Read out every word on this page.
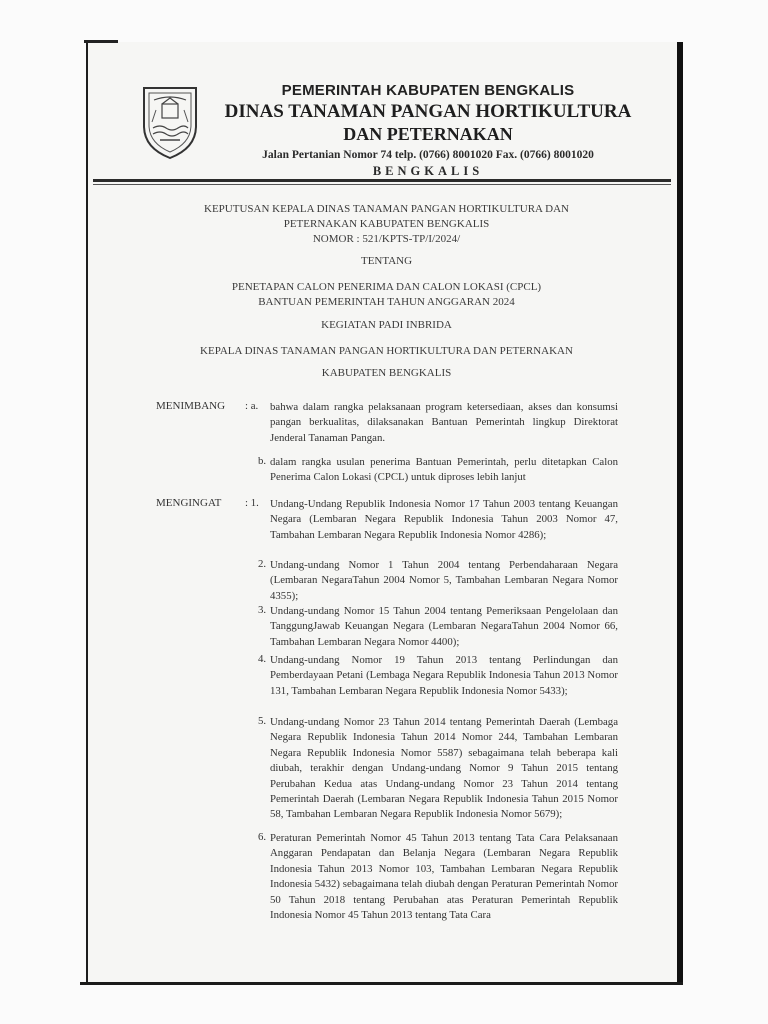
PEMERINTAH KABUPATEN BENGKALIS
DINAS TANAMAN PANGAN HORTIKULTURA
DAN PETERNAKAN
Jalan Pertanian Nomor 74 telp. (0766) 8001020 Fax. (0766) 8001020
BENGKALIS
KEPUTUSAN KEPALA DINAS TANAMAN PANGAN HORTIKULTURA DAN
PETERNAKAN KABUPATEN BENGKALIS
NOMOR : 521/KPTS-TP/I/2024/
TENTANG
PENETAPAN CALON PENERIMA DAN CALON LOKASI (CPCL)
BANTUAN PEMERINTAH TAHUN ANGGARAN 2024
KEGIATAN PADI INBRIDA
KEPALA DINAS TANAMAN PANGAN HORTIKULTURA DAN PETERNAKAN
KABUPATEN BENGKALIS
MENIMBANG : a. bahwa dalam rangka pelaksanaan program ketersediaan, akses dan konsumsi pangan berkualitas, dilaksanakan Bantuan Pemerintah lingkup Direktorat Jenderal Tanaman Pangan.
b. dalam rangka usulan penerima Bantuan Pemerintah, perlu ditetapkan Calon Penerima Calon Lokasi (CPCL) untuk diproses lebih lanjut
MENGINGAT : 1. Undang-Undang Republik Indonesia Nomor 17 Tahun 2003 tentang Keuangan Negara (Lembaran Negara Republik Indonesia Tahun 2003 Nomor 47, Tambahan Lembaran Negara Republik Indonesia Nomor 4286);
2. Undang-undang Nomor 1 Tahun 2004 tentang Perbendaharaan Negara (Lembaran NegaraTahun 2004 Nomor 5, Tambahan Lembaran Negara Nomor 4355);
3. Undang-undang Nomor 15 Tahun 2004 tentang Pemeriksaan Pengelolaan dan TanggungJawab Keuangan Negara (Lembaran NegaraTahun 2004 Nomor 66, Tambahan Lembaran Negara Nomor 4400);
4. Undang-undang Nomor 19 Tahun 2013 tentang Perlindungan dan Pemberdayaan Petani (Lembaga Negara Republik Indonesia Tahun 2013 Nomor 131, Tambahan Lembaran Negara Republik Indonesia Nomor 5433);
5. Undang-undang Nomor 23 Tahun 2014 tentang Pemerintah Daerah (Lembaga Negara Republik Indonesia Tahun 2014 Nomor 244, Tambahan Lembaran Negara Republik Indonesia Nomor 5587) sebagaimana telah beberapa kali diubah, terakhir dengan Undang-undang Nomor 9 Tahun 2015 tentang Perubahan Kedua atas Undang-undang Nomor 23 Tahun 2014 tentang Pemerintah Daerah (Lembaran Negara Republik Indonesia Tahun 2015 Nomor 58, Tambahan Lembaran Negara Republik Indonesia Nomor 5679);
6. Peraturan Pemerintah Nomor 45 Tahun 2013 tentang Tata Cara Pelaksanaan Anggaran Pendapatan dan Belanja Negara (Lembaran Negara Republik Indonesia Tahun 2013 Nomor 103, Tambahan Lembaran Negara Republik Indonesia 5432) sebagaimana telah diubah dengan Peraturan Pemerintah Nomor 50 Tahun 2018 tentang Perubahan atas Peraturan Pemerintah Republik Indonesia Nomor 45 Tahun 2013 tentang Tata Cara
